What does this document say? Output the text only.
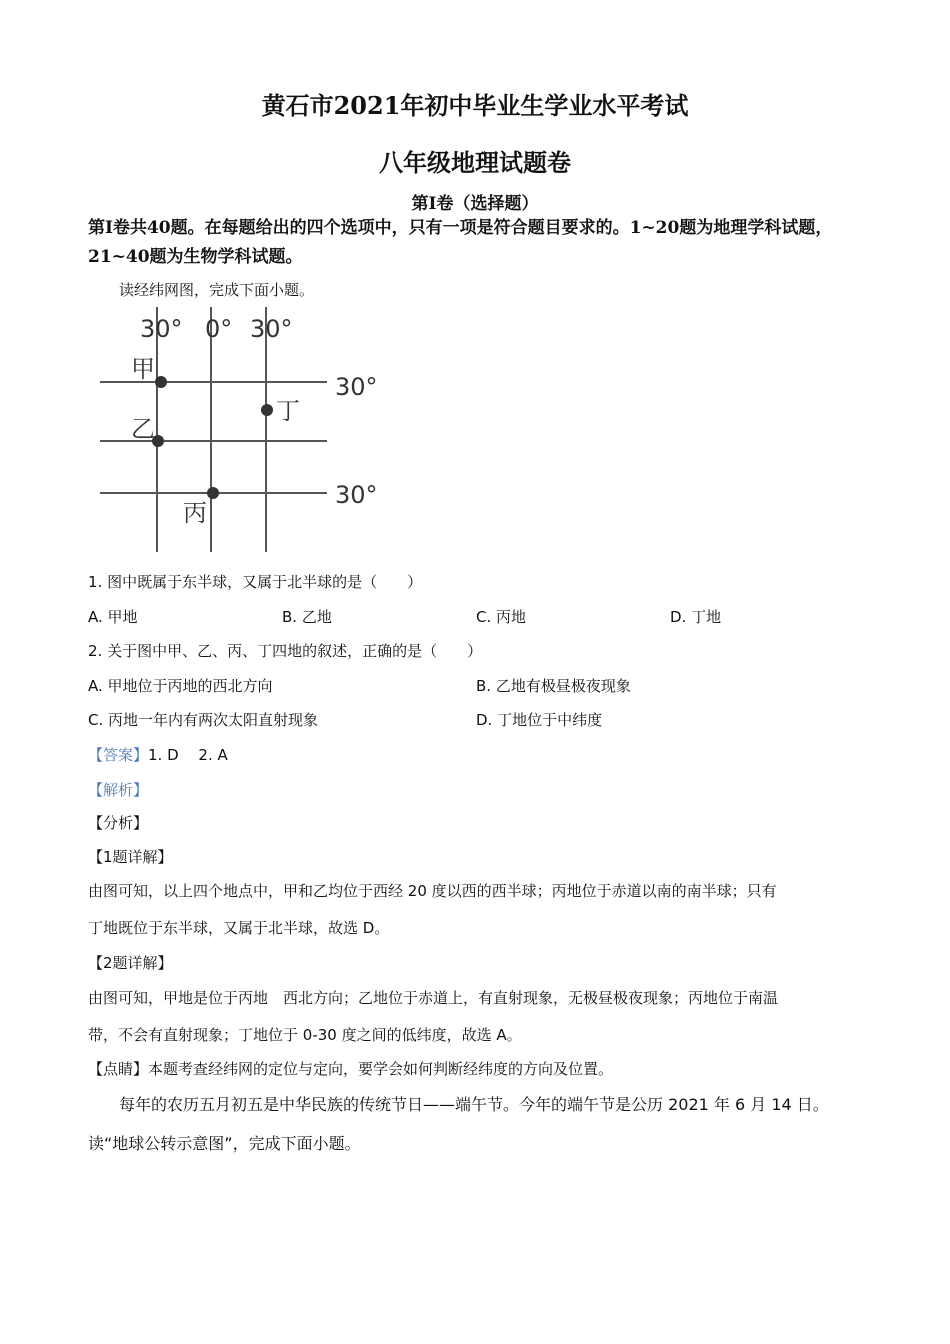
黄石市2021年初中毕业生学业水平考试
八年级地理试题卷
第Ⅰ卷（选择题）
第Ⅰ卷共40题。在每题给出的四个选项中，只有一项是符合题目要求的。1~20题为地理学科试题，21~40题为生物学科试题。
读经纬网图，完成下面小题。
30° 0° 30°
30°
30°
甲
乙
丙
丁
1. 图中既属于东半球，又属于北半球的是（　　）
A. 甲地	B. 乙地	C. 丙地	D. 丁地
2. 关于图中甲、乙、丙、丁四地的叙述，正确的是（　　）
A. 甲地位于丙地的西北方向	B. 乙地有极昼极夜现象
C. 丙地一年内有两次太阳直射现象	D. 丁地位于中纬度
【答案】1. D　 2. A
【解析】
【分析】
【1题详解】
由图可知，以上四个地点中，甲和乙均位于西经 20 度以西的西半球；丙地位于赤道以南的南半球；只有
丁地既位于东半球，又属于北半球，故选 D。
【2题详解】
由图可知，甲地是位于丙地　西北方向；乙地位于赤道上，有直射现象，无极昼极夜现象；丙地位于南温
带，不会有直射现象；丁地位于 0-30 度之间的低纬度，故选 A。
【点睛】本题考查经纬网的定位与定向，要学会如何判断经纬度的方向及位置。
每年的农历五月初五是中华民族的传统节日——端午节。今年的端午节是公历 2021 年 6 月 14 日。
读“地球公转示意图”，完成下面小题。
